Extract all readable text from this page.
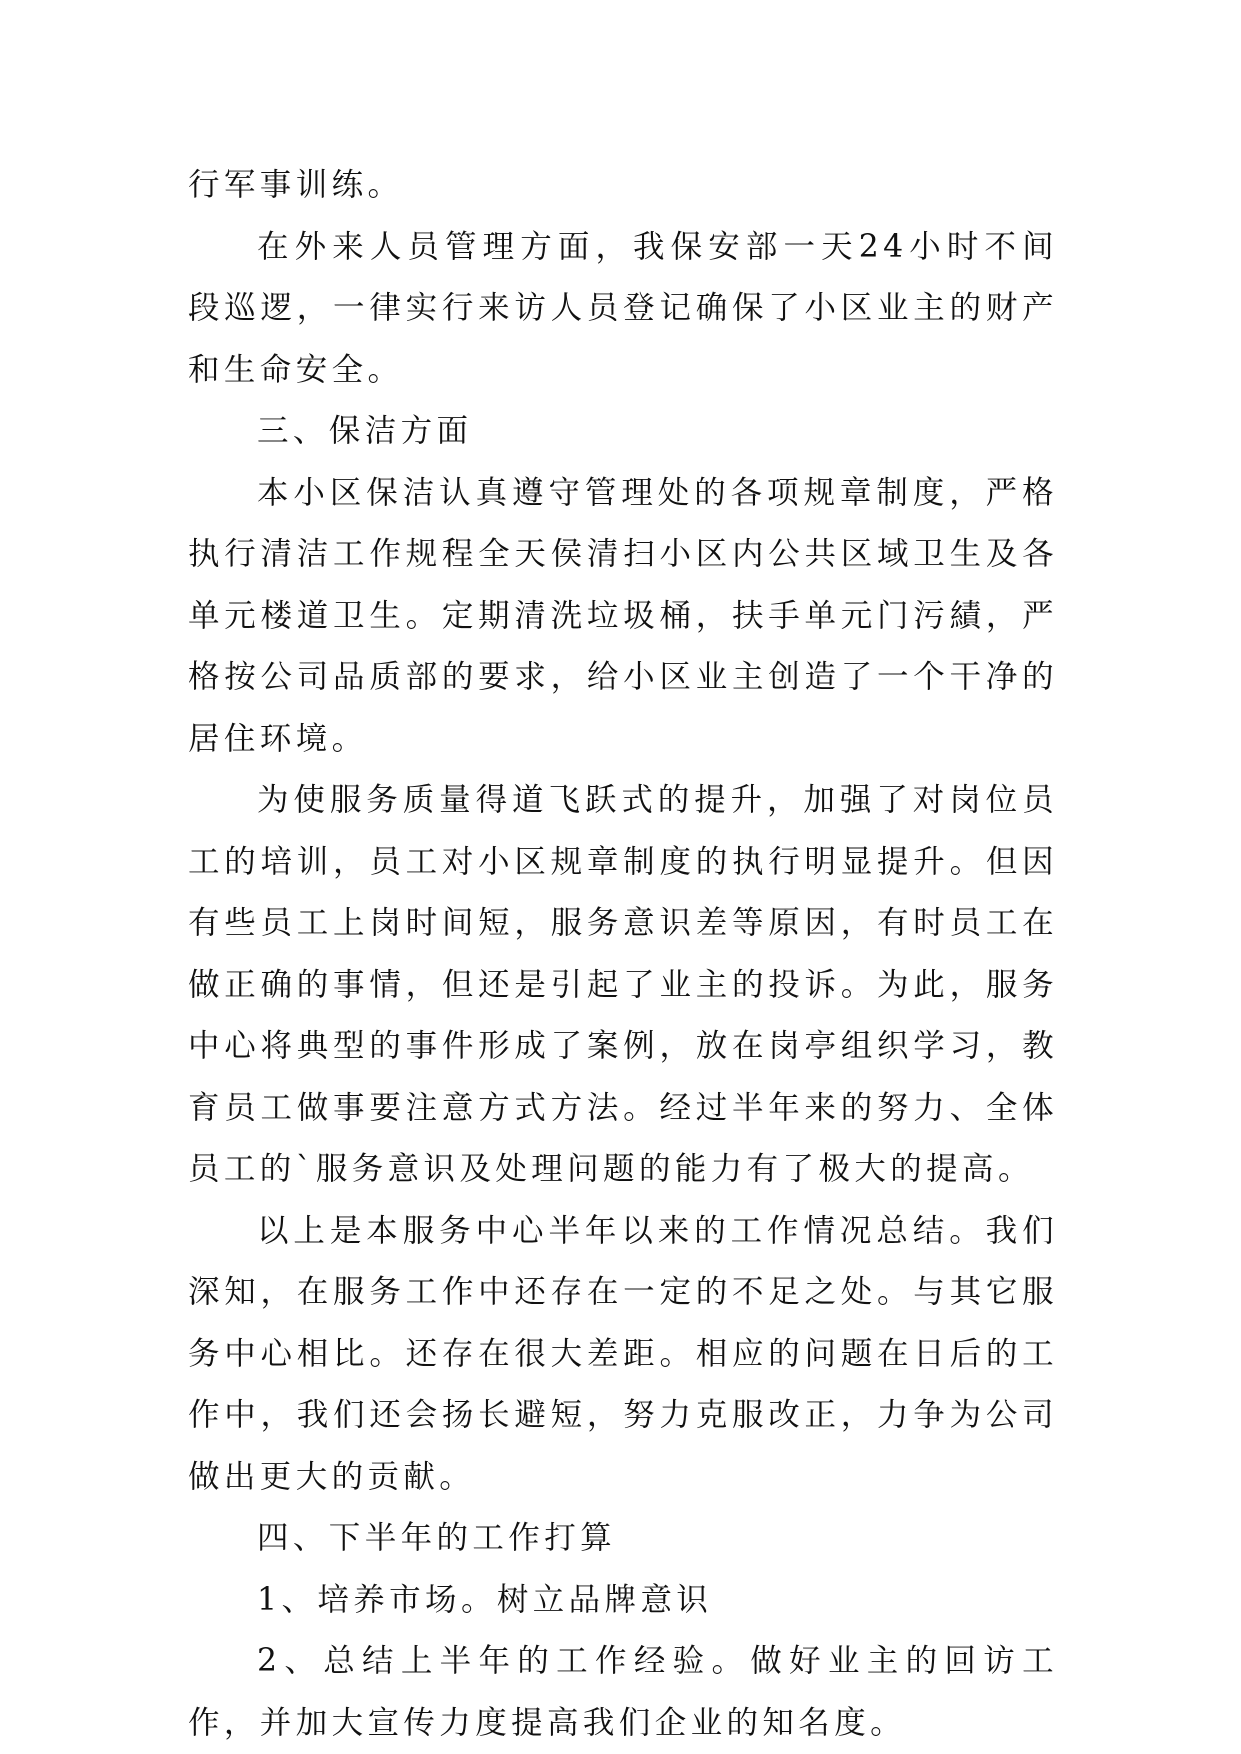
行军事训练。

在外来人员管理方面，我保安部一天24小时不间段巡逻，一律实行来访人员登记确保了小区业主的财产和生命安全。

三、保洁方面

本小区保洁认真遵守管理处的各项规章制度，严格执行清洁工作规程全天侯清扫小区内公共区域卫生及各单元楼道卫生。定期清洗垃圾桶，扶手单元门污績，严格按公司品质部的要求，给小区业主创造了一个干净的居住环境。

为使服务质量得道飞跃式的提升，加强了对岗位员工的培训，员工对小区规章制度的执行明显提升。但因有些员工上岗时间短，服务意识差等原因，有时员工在做正确的事情，但还是引起了业主的投诉。为此，服务中心将典型的事件形成了案例，放在岗亭组织学习，教育员工做事要注意方式方法。经过半年来的努力、全体员工的`服务意识及处理问题的能力有了极大的提高。

以上是本服务中心半年以来的工作情况总结。我们深知，在服务工作中还存在一定的不足之处。与其它服务中心相比。还存在很大差距。相应的问题在日后的工作中，我们还会扬长避短，努力克服改正，力争为公司做出更大的贡献。

四、下半年的工作打算

1、培养市场。树立品牌意识

2、总结上半年的工作经验。做好业主的回访工作，并加大宣传力度提高我们企业的知名度。
